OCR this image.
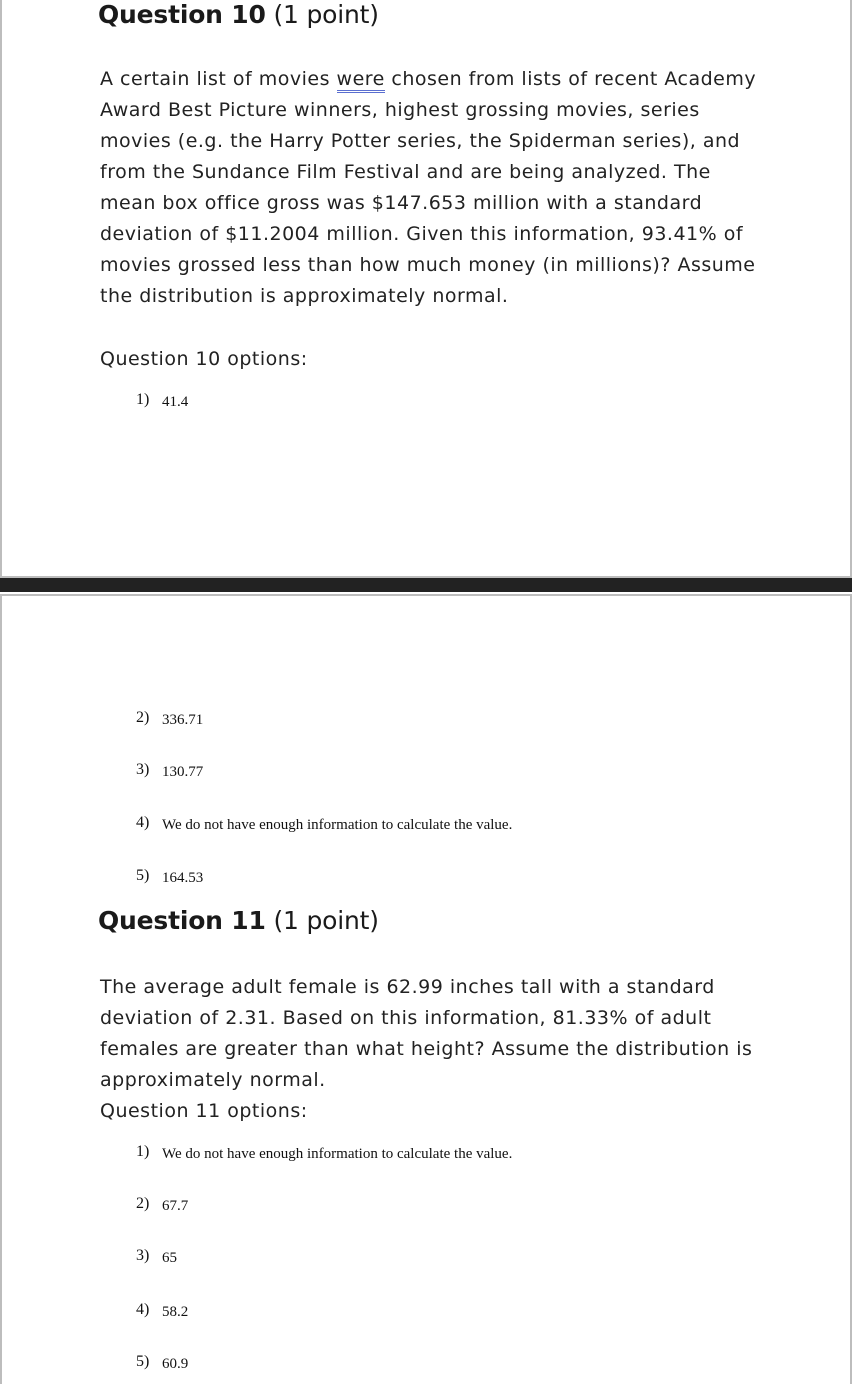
Question 10 (1 point)

A certain list of movies were chosen from lists of recent Academy Award Best Picture winners, highest grossing movies, series movies (e.g. the Harry Potter series, the Spiderman series), and from the Sundance Film Festival and are being analyzed. The mean box office gross was $147.653 million with a standard deviation of $11.2004 million. Given this information, 93.41% of movies grossed less than how much money (in millions)? Assume the distribution is approximately normal.

Question 10 options:

1) 41.4
2) 336.71
3) 130.77
4) We do not have enough information to calculate the value.
5) 164.53
Question 11 (1 point)

The average adult female is 62.99 inches tall with a standard deviation of 2.31. Based on this information, 81.33% of adult females are greater than what height? Assume the distribution is approximately normal.

Question 11 options:

1) We do not have enough information to calculate the value.
2) 67.7
3) 65
4) 58.2
5) 60.9
